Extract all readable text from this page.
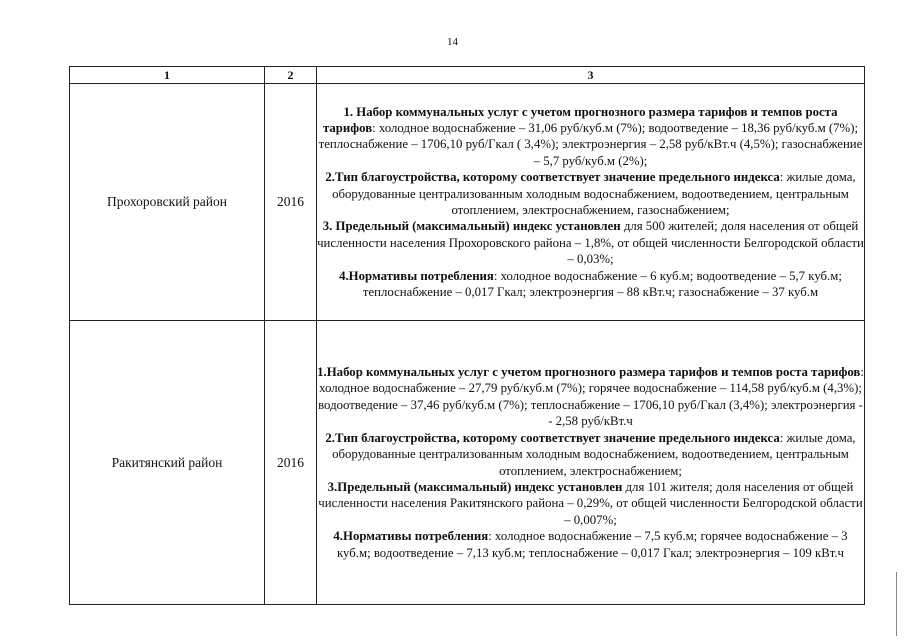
14
1	2	3
Прохоровский район	2016	1. Набор коммунальных услуг с учетом прогнозного размера тарифов и темпов роста тарифов: холодное водоснабжение – 31,06 руб/куб.м (7%); водоотведение – 18,36 руб/куб.м (7%); теплоснабжение – 1706,10 руб/Гкал ( 3,4%); электроэнергия – 2,58 руб/кВт.ч (4,5%); газоснабжение – 5,7 руб/куб.м (2%);

2.Тип благоустройства, которому соответствует значение предельного индекса: жилые дома, оборудованные централизованным холодным водоснабжением, водоотведением, центральным отоплением, электроснабжением, газоснабжением;

3. Предельный (максимальный) индекс установлен для 500 жителей; доля населения от общей численности населения Прохоровского района – 1,8%, от общей численности Белгородской области – 0,03%;

4.Нормативы потребления: холодное водоснабжение – 6 куб.м; водоотведение – 5,7 куб.м; теплоснабжение – 0,017 Гкал; электроэнергия – 88 кВт.ч; газоснабжение – 37 куб.м

Ракитянский район	2016	1.Набор коммунальных услуг с учетом прогнозного размера тарифов и темпов роста тарифов: холодное водоснабжение – 27,79 руб/куб.м (7%); горячее водоснабжение – 114,58 руб/куб.м (4,3%); водоотведение – 37,46 руб/куб.м (7%); теплоснабжение – 1706,10 руб/Гкал (3,4%); электроэнергия -- 2,58 руб/кВт.ч

2.Тип благоустройства, которому соответствует значение предельного индекса: жилые дома, оборудованные централизованным холодным водоснабжением, водоотведением, центральным отоплением, электроснабжением;

3.Предельный (максимальный) индекс установлен для 101 жителя; доля населения от общей численности населения Ракитянского района – 0,29%, от общей численности Белгородской области – 0,007%;

4.Нормативы потребления: холодное водоснабжение – 7,5 куб.м; горячее водоснабжение – 3 куб.м; водоотведение – 7,13 куб.м; теплоснабжение – 0,017 Гкал; электроэнергия – 109 кВт.ч
